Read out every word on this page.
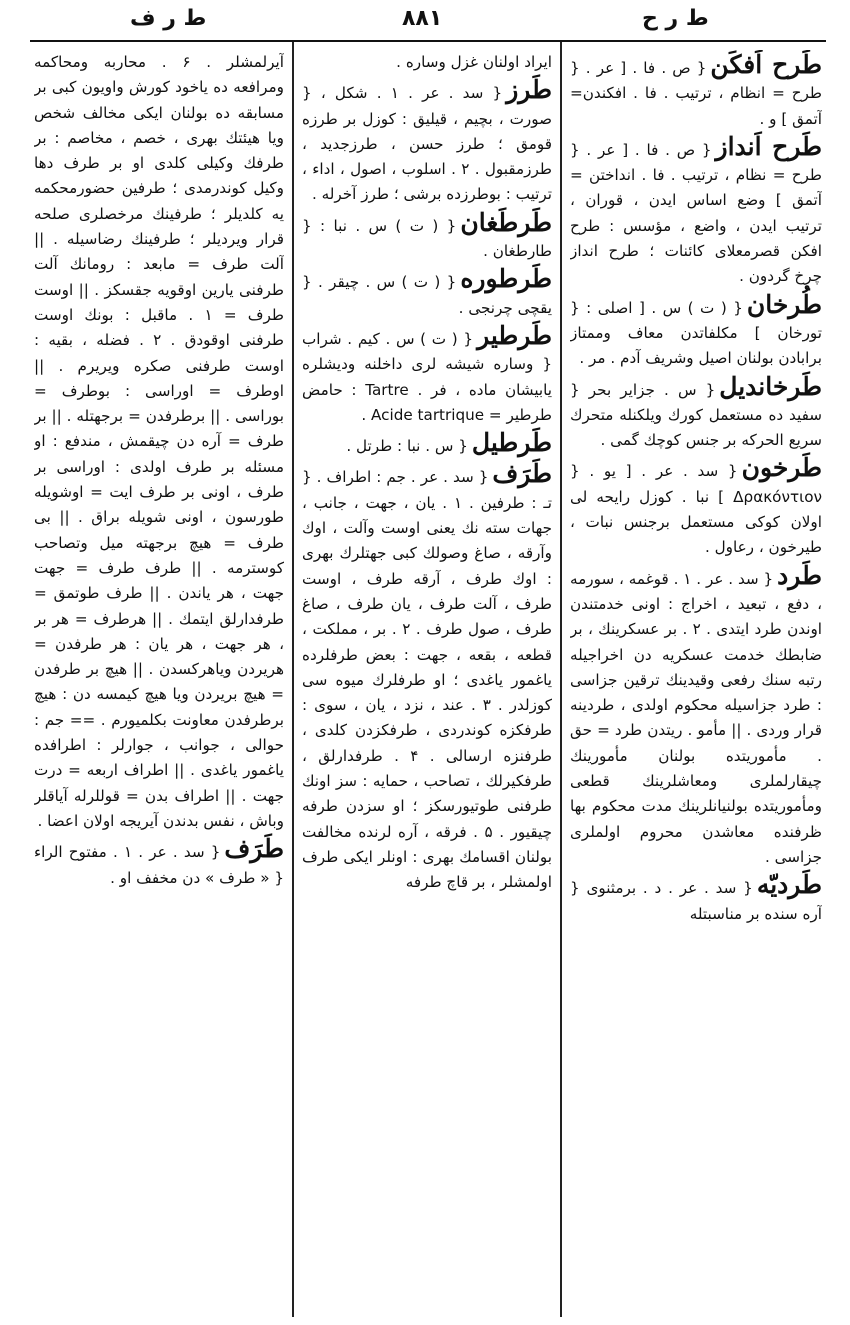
ط ر ف	۸۸۱	ط ر ح

آيرلمشلر . ۶ . محاربه ومحاكمه ومرافعه ده ياخود كورش واويون كبی بر مسابقه ده بولنان ايكی مخالف شخص ويا هيئتك بهری ، خصم ، مخاصم : بر طرفك وكيلی كلدی او بر طرف دها وكيل كوندرمدی ؛ طرفين حضورمحكمه يه كلديلر ؛ طرفينك مرخصلری صلحه قرار ويرديلر ؛ طرفينك رضاسيله . || آلت طرف = مابعد : رومانك آلت طرفنی يارين اوقويه جقسكز . || اوست طرف = ۱ . ماقبل : بونك اوست طرفنی اوقودق . ۲ . فضله ، بقيه : اوست طرفنی صكره ويريرم . || اوطرف = اوراسی : بوطرف = بوراسی . || برطرفدن = برجهتله . || بر طرف = آره دن چيقمش ، مندفع : او مسئله بر طرف اولدی : اوراسی بر طرف ، اونی بر طرف ايت = اوشويله طورسون ، اونی شويله براق . || بی طرف = هيچ برجهته ميل وتصاحب كوسترمه . || طرف طرف = جهت جهت ، هر ياندن . || طرف طوتمق = طرفدارلق ايتمك . || هرطرف = هر بر ، هر جهت ، هر يان : هر طرفدن = هريردن وياهركسدن . || هيچ بر طرفدن = هيچ بريردن ويا هيچ كيمسه دن : هيچ برطرفدن معاونت بكلميورم . == جم : حوالی ، جوانب ، جوارلر : اطرافده ياغمور ياغدی . || اطراف اربعه = درت جهت . || اطراف بدن = قوللرله آياقلر وباش ، نفس بدندن آيريجه اولان اعضا .

طَرَف{ سد . عر . ۱ . مفتوح الراء { « طرف » دن مخفف او .

ايراد اولنان غزل وساره .

طَرز{ سد . عر . ۱ . شكل ، { صورت ، بچيم ، قيليق : كوزل بر طرزه قومق ؛ طرز حسن ، طرزجديد ، طرزمقبول . ۲ . اسلوب ، اصول ، اداء ، ترتيب : بوطرزده برشی ؛ طرز آخرله .

طَرطَغان{ ( ت ) س . نبا : { طارطغان .

طَرطوره{ ( ت ) س . چيقر . { يقچی چرنجی .

طَرطير{ ( ت ) س . كيم . شراب { وساره شيشه لری داخلنه وديشلره يابيشان ماده ، فر . Tartre : حامض طرطير = Acide tartrique .

طَرطيل{ س . نبا : طرتل .

طَرَف{ سد . عر . جم : اطراف . { تـ : طرفين . ۱ . يان ، جهت ، جانب ، جهات سته نك يعنی اوست وآلت ، اوك وآرقه ، صاغ وصولك كبی جهتلرك بهری : اوك طرف ، آرقه طرف ، اوست طرف ، آلت طرف ، يان طرف ، صاغ طرف ، صول طرف . ۲ . بر ، مملكت ، قطعه ، بقعه ، جهت : بعض طرفلرده ياغمور ياغدی ؛ او طرفلرك ميوه سی كوزلدر . ۳ . عند ، نزد ، يان ، سوی : طرفكزه كوندردی ، طرفكزدن كلدی ، طرفنزه ارسالی . ۴ . طرفدارلق ، طرفكيرلك ، تصاحب ، حمايه : سز اونك طرفنی طوتيورسكز ؛ او سزدن طرفه چيقيور . ۵ . فرقه ، آره لرنده مخالفت بولنان اقسامك بهری : اونلر ايكی طرف اولمشلر ، بر قاچ طرفه

طَرح اَفكَن{ ص . فا . [ عر . { طرح = انظام ، ترتيب . فا . افكندن= آتمق ] و .

طَرح اَنداز{ ص . فا . [ عر . { طرح = نظام ، ترتيب . فا . انداختن = آتمق ] وضع اساس ايدن ، قوران ، ترتيب ايدن ، واضع ، مؤسس : طرح افكن قصرمعلای كائنات ؛ طرح انداز چرخ گردون .

طُرخان{ ( ت ) س . [ اصلی : { تورخان ] مكلفاتدن معاف وممتاز برابادن بولنان اصيل وشريف آدم . مر .

طَرخانديل{ س . جزاير بحر { سفيد ده مستعمل كورك ويلكنله متحرك سريع الحركه بر جنس كوچك گمی .

طَرخون{ سد . عر . [ يو . { Δρακόντιον ] نبا . كوزل رايحه لی اولان كوكی مستعمل برجنس نبات ، طيرخون ، رعاول .

طَرد{ سد . عر . ۱ . قوغمه ، سورمه ، دفع ، تبعيد ، اخراج : اونی خدمتندن اوندن طرد ايتدی . ۲ . بر عسكرينك ، بر ضابطك خدمت عسكريه دن اخراجيله رتبه سنك رفعی وقيدينك ترقين جزاسی : طرد جزاسيله محكوم اولدی ، طردينه قرار وردی . || مأمو . ريتدن طرد = حق . مأموريتده بولنان مأمورينك چيقارلملری ومعاشلرينك قطعی ومأموريتده بولنيانلرينك مدت محكوم بها ظرفنده معاشدن محروم اولملری جزاسی .

طَرديّه{ سد . عر . د . برمثنوی { آره سنده بر مناسبتله
